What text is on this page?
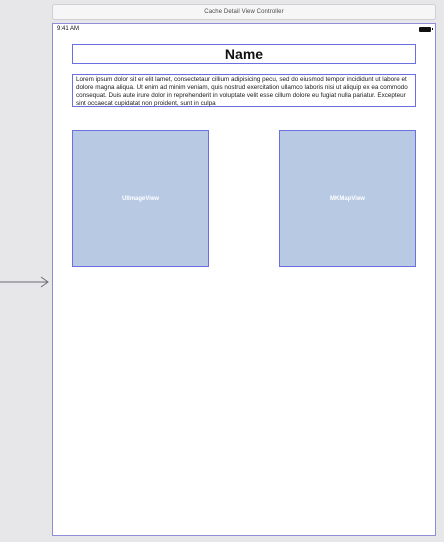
Cache Detail View Controller
9:41 AM
Name
Lorem ipsum dolor sit er elit lamet, consectetaur cillium adipisicing pecu, sed do eiusmod tempor incididunt ut labore et dolore magna aliqua. Ut enim ad minim veniam, quis nostrud exercitation ullamco laboris nisi ut aliquip ex ea commodo consequat. Duis aute irure dolor in reprehenderit in voluptate velit esse cillum dolore eu fugiat nulla pariatur. Excepteur sint occaecat cupidatat non proident, sunt in culpa
UIImageView	MKMapView
